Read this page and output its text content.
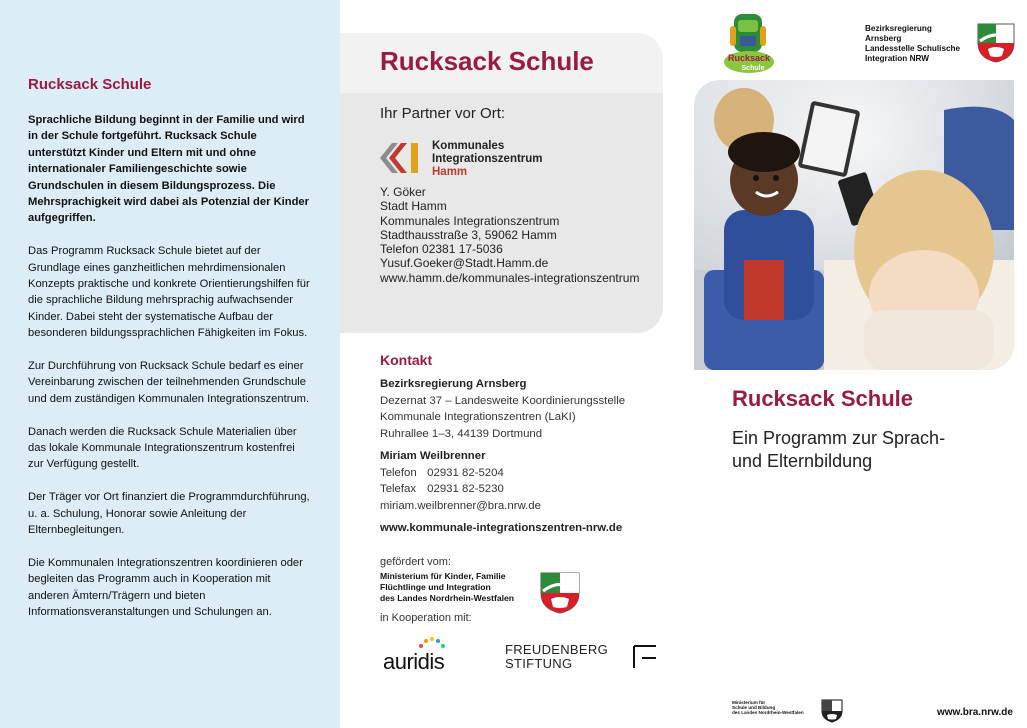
Rucksack Schule

Sprachliche Bildung beginnt in der Familie und wird in der Schule fortgeführt. Rucksack Schule unterstützt Kinder und Eltern mit und ohne internationaler Familiengeschichte sowie Grundschulen in diesem Bildungsprozess. Die Mehrsprachigkeit wird dabei als Potenzial der Kinder aufgegriffen.

Das Programm Rucksack Schule bietet auf der Grundlage eines ganzheitlichen mehrdimensionalen Konzepts praktische und konkrete Orientierungshilfen für die sprachliche Bildung mehrsprachig aufwachsender Kinder. Dabei steht der systematische Aufbau der besonderen bildungssprachlichen Fähigkeiten im Fokus.

Zur Durchführung von Rucksack Schule bedarf es einer Vereinbarung zwischen der teilnehmenden Grundschule und dem zuständigen Kommunalen Integrationszentrum.

Danach werden die Rucksack Schule Materialien über das lokale Kommunale Integrationszentrum kostenfrei zur Verfügung gestellt.

Der Träger vor Ort finanziert die Programmdurchführung, u. a. Schulung, Honorar sowie Anleitung der Elternbegleitungen.

Die Kommunalen Integrationszentren koordinieren oder begleiten das Programm auch in Kooperation mit anderen Ämtern/Trägern und bieten Informationsveranstaltungen und Schulungen an.

Rucksack Schule
Ihr Partner vor Ort:
Kommunales
Integrationszentrum
Hamm
Y. Göker
Stadt Hamm
Kommunales Integrationszentrum
Stadthausstraße 3, 59062 Hamm
Telefon 02381 17-5036
Yusuf.Goeker@Stadt.Hamm.de
www.hamm.de/kommunales-integrationszentrum
Kontakt
Bezirksregierung Arnsberg
Dezernat 37 – Landesweite Koordinierungsstelle
Kommunale Integrationszentren (LaKI)
Ruhrallee 1–3, 44139 Dortmund
Miriam Weilbrenner
Telefon 02931 82-5204
Telefax 02931 82-5230
miriam.weilbrenner@bra.nrw.de
www.kommunale-integrationszentren-nrw.de
gefördert vom:
Ministerium für Kinder, Familie
Flüchtlinge und Integration
des Landes Nordrhein-Westfalen
in Kooperation mit:
auridis	FREUDENBERG
STIFTUNG
Rucksack
Schule
Bezirksregierung
Arnsberg
Landesstelle Schulische
Integration NRW
Rucksack Schule
Ein Programm zur Sprach-
und Elternbildung
Ministerium für
Schule und Bildung
des Landes Nordrhein-Westfalen	www.bra.nrw.de
